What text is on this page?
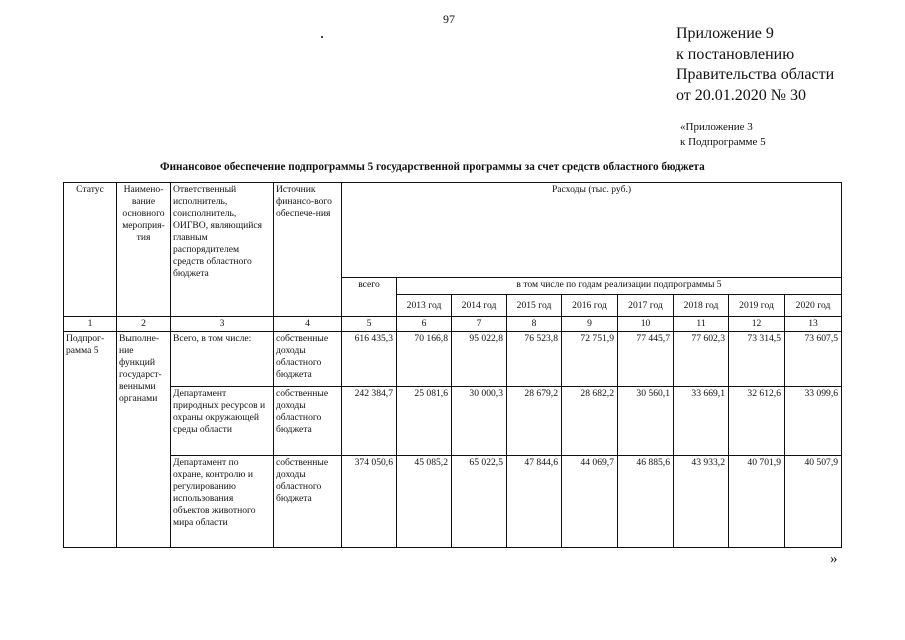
97
Приложение 9
к постановлению
Правительства области
от 20.01.2020 № 30
«Приложение 3
к Подпрограмме 5
Финансовое обеспечение подпрограммы 5 государственной программы за счет средств областного бюджета
Статус	Наимено-вание основного мероприя-тия	Ответственный исполнитель, соисполнитель, ОИГВО, являющийся главным распорядителем средств областного бюджета	Источник финансо-вого обеспече-ния	Расходы (тыс. руб.)								
				всего	в том числе по годам реализации подпрограммы 5							
					2013 год	2014 год	2015 год	2016 год	2017 год	2018 год	2019 год	2020 год
1	2	3	4	5	6	7	8	9	10	11	12	13
Подпрог-рамма 5	Выполне-ние функций государст-венными органами	Всего, в том числе:	собственные доходы областного бюджета	616 435,3	70 166,8	95 022,8	76 523,8	72 751,9	77 445,7	77 602,3	73 314,5	73 607,5
		Департамент природных ресурсов и охраны окружающей среды области	собственные доходы областного бюджета	242 384,7	25 081,6	30 000,3	28 679,2	28 682,2	30 560,1	33 669,1	32 612,6	33 099,6
		Департамент по охране, контролю и регулированию использования объектов животного мира области	собственные доходы областного бюджета	374 050,6	45 085,2	65 022,5	47 844,6	44 069,7	46 885,6	43 933,2	40 701,9	40 507,9
»
